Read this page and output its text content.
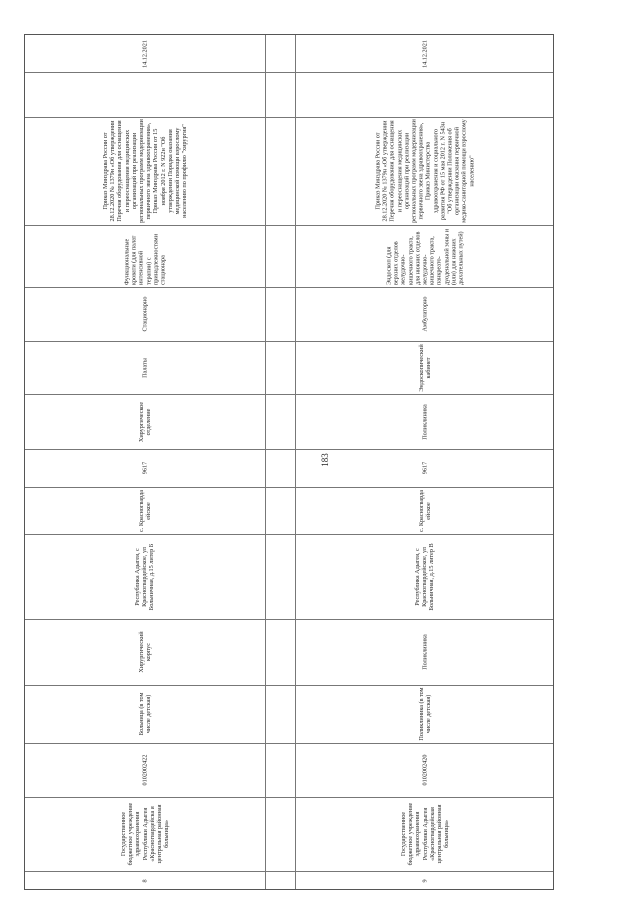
183
14.12.2021
Приказ Минздрава России от 28.12.2020 № 1379н «Об утверждении Перечня оборудования для оснащения и переоснащения медицинских организаций при реализации региональных программ модернизации первичного звена здравоохранения», Приказ Минздрава России от 15 ноября 2012 г. N 922н "Об утверждении Порядка оказания медицинской помощи взрослому населению по профилю "хирургия"
Функциональные кровати (для палат интенсивной терапии) с принадлежностями стационара
Стационарно
Палаты
Хирургическое отделение
9617
с. Красногварда ейское
Республика Адыгея, с Красногвардейское, ул Больничная, д.15 литер Б
Хирургический корпус
Больница (в том числе детская)
0102002422
Государственное бюджетное учреждение здравоохранения Республики Адыгея «Красногвардейска я центральная районная больница»
8
14.12.2021
Приказ Минздрава России от 28.12.2020 № 1379н «Об утверждении Перечня оборудования для оснащения и переоснащения медицинских организаций при реализации региональных программ модернизации первичного звена здравоохранения», Приказ Министерства здравоохранения и социального развития РФ от 15 мая 2012 г. N 543н "Об утверждении Положения об организации оказания первичной медико-санитарной помощи взрослому населению"
Эндоскоп (для верхних отделов желудочно-кишечного тракта, для нижних отделов желудочно-кишечного тракта, панкреато-дуоденальной зоны и (или) для нижних дыхательных путей)
Амбулаторно
Эндоскопический кабинет
Поликлиника
9617
с. Красногварда ейское
Республика Адыгея, с Красногвардейское, ул Больничная, д.15 литер В
Поликлиника
Поликлиника (в том числе детская)
0102002420
Государственное бюджетное учреждение здравоохранения Республики Адыгея «Красногвардейская центральная районная больница»
9
